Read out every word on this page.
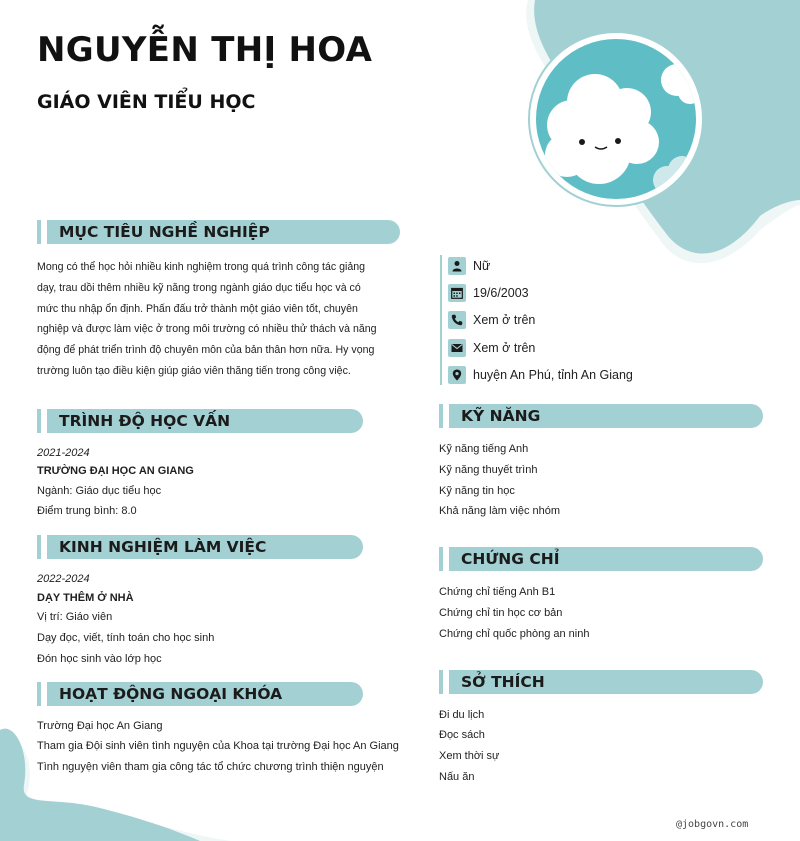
NGUYỄN THỊ HOA
GIÁO VIÊN TIỂU HỌC
MỤC TIÊU NGHỀ NGHIỆP
Mong có thể học hỏi nhiều kinh nghiệm trong quá trình công tác giảng
dạy, trau dồi thêm nhiều kỹ năng trong ngành giáo dục tiểu học và có
mức thu nhập ổn định. Phấn đấu trở thành một giáo viên tốt, chuyên
nghiệp và được làm việc ở trong môi trường có nhiều thử thách và năng
động để phát triển trình độ chuyên môn của bản thân hơn nữa. Hy vọng
trường luôn tạo điều kiện giúp giáo viên thăng tiến trong công việc.
TRÌNH ĐỘ HỌC VẤN
2021-2024
TRƯỜNG ĐẠI HỌC AN GIANG
Ngành: Giáo dục tiểu học
Điểm trung bình: 8.0
KINH NGHIỆM LÀM VIỆC
2022-2024
DẠY THÊM Ở NHÀ
Vị trí: Giáo viên
Dạy đọc, viết, tính toán cho học sinh
Đón học sinh vào lớp học
HOẠT ĐỘNG NGOẠI KHÓA
Trường Đại học An Giang
Tham gia Đội sinh viên tình nguyện của Khoa tại trường Đại học An Giang
Tình nguyện viên tham gia công tác tổ chức chương trình thiện nguyện
Nữ
19/6/2003
Xem ở trên
Xem ở trên
huyện An Phú, tỉnh An Giang
KỸ NĂNG
Kỹ năng tiếng Anh
Kỹ năng thuyết trình
Kỹ năng tin học
Khả năng làm việc nhóm
CHỨNG CHỈ
Chứng chỉ tiếng Anh B1
Chứng chỉ tin học cơ bản
Chứng chỉ quốc phòng an ninh
SỞ THÍCH
Đi du lịch
Đọc sách
Xem thời sự
Nấu ăn
@jobgovn.com
